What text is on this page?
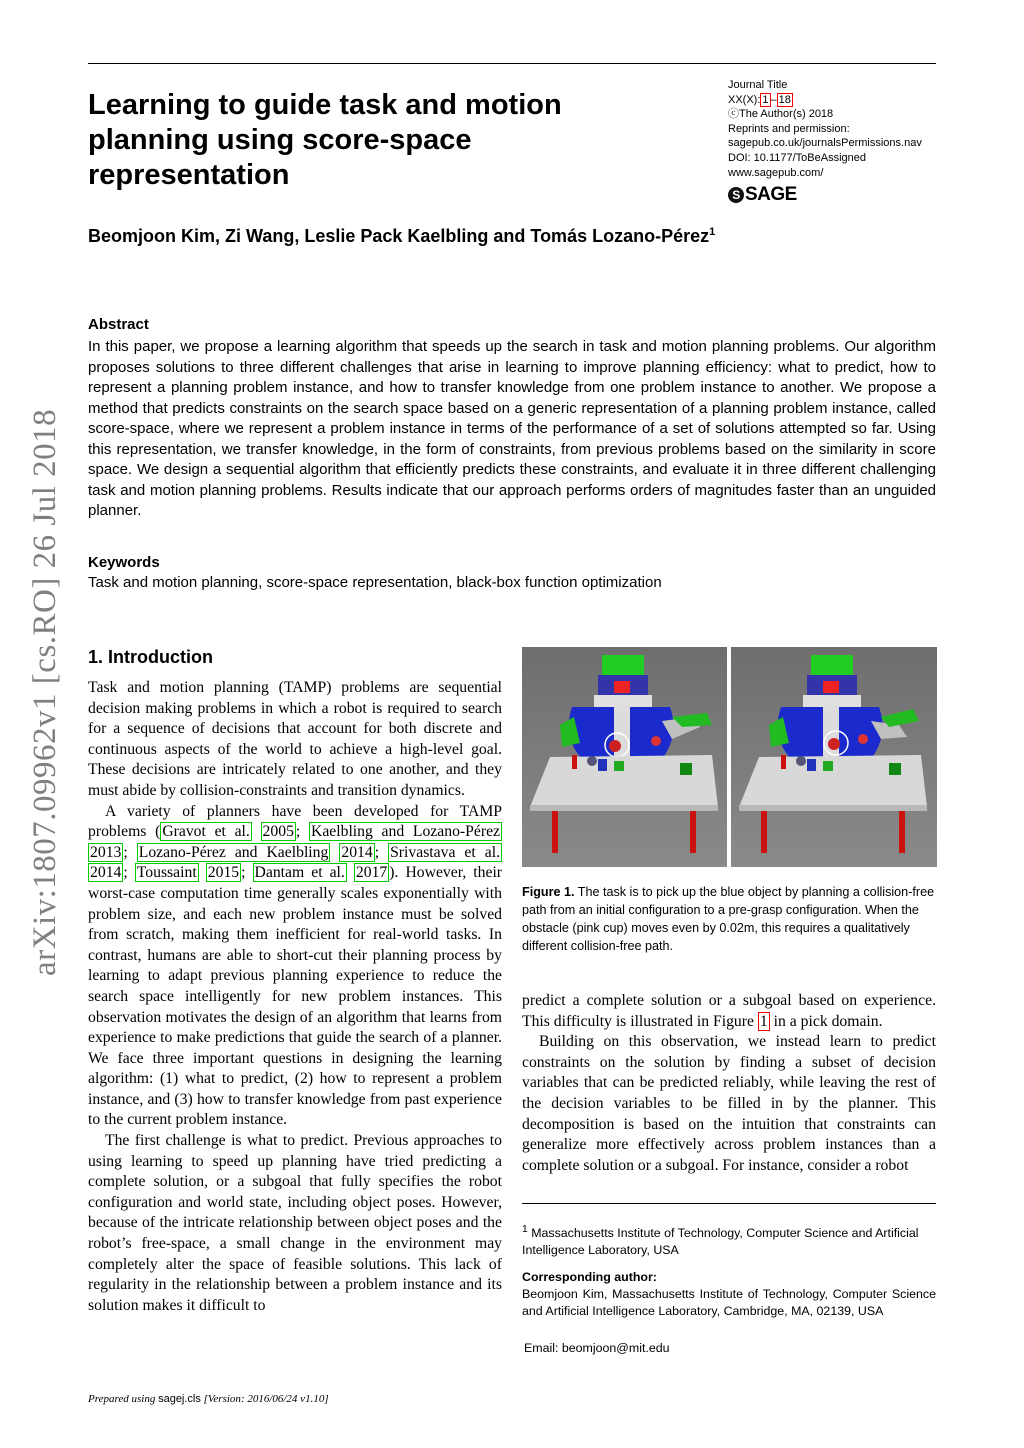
Learning to guide task and motion
planning using score-space
representation
Journal Title
XX(X): 1 – 18
ⓒThe Author(s) 2018
Reprints and permission:
sagepub.co.uk/journalsPermissions.nav
DOI: 10.1177/ToBeAssigned
www.sagepub.com/
S SAGE
Beomjoon Kim, Zi Wang, Leslie Pack Kaelbling and Tomás Lozano-Pérez$^1$
arXiv:1807.09962v1 [cs.RO] 26 Jul 2018
Abstract

In this paper, we propose a learning algorithm that speeds up the search in task and motion planning problems. Our algorithm proposes solutions to three different challenges that arise in learning to improve planning efficiency: what to predict, how to represent a planning problem instance, and how to transfer knowledge from one problem instance to another. We propose a method that predicts constraints on the search space based on a generic representation of a planning problem instance, called score-space, where we represent a problem instance in terms of the performance of a set of solutions attempted so far. Using this representation, we transfer knowledge, in the form of constraints, from previous problems based on the similarity in score space. We design a sequential algorithm that efficiently predicts these constraints, and evaluate it in three different challenging task and motion planning problems. Results indicate that our approach performs orders of magnitudes faster than an unguided planner.

Keywords
Task and motion planning, score-space representation, black-box function optimization
1. Introduction

Task and motion planning (TAMP) problems are sequential decision making problems in which a robot is required to search for a sequence of decisions that account for both discrete and continuous aspects of the world to achieve a high-level goal. These decisions are intricately related to one another, and they must abide by collision-constraints and transition dynamics.

A variety of planners have been developed for TAMP problems ( Gravot et al. 2005 ; Kaelbling and Lozano-Pérez 2013 ; Lozano-Pérez and Kaelbling 2014 ; Srivastava et al. 2014 ; Toussaint 2015 ; Dantam et al. 2017 ). However, their worst-case computation time generally scales exponentially with problem size, and each new problem instance must be solved from scratch, making them inefficient for real-world tasks. In contrast, humans are able to short-cut their planning process by learning to adapt previous planning experience to reduce the search space intelligently for new problem instances. This observation motivates the design of an algorithm that learns from experience to make predictions that guide the search of a planner. We face three important questions in designing the learning algorithm: (1) what to predict, (2) how to represent a problem instance, and (3) how to transfer knowledge from past experience to the current problem instance.

The first challenge is what to predict. Previous approaches to using learning to speed up planning have tried predicting a complete solution, or a subgoal that fully specifies the robot configuration and world state, including object poses. However, because of the intricate relationship between object poses and the robot’s free-space, a small change in the environment may completely alter the space of feasible solutions. This lack of regularity in the relationship between a problem instance and its solution makes it difficult to

Figure 1. The task is to pick up the blue object by planning a collision-free path from an initial configuration to a pre-grasp configuration. When the obstacle (pink cup) moves even by 0.02m, this requires a qualitatively different collision-free path.

predict a complete solution or a subgoal based on experience. This difficulty is illustrated in Figure 1 in a pick domain.

Building on this observation, we instead learn to predict constraints on the solution by finding a subset of decision variables that can be predicted reliably, while leaving the rest of the decision variables to be filled in by the planner. This decomposition is based on the intuition that constraints can generalize more effectively across problem instances than a complete solution or a subgoal. For instance, consider a robot

$^1$ Massachusetts Institute of Technology, Computer Science and Artificial Intelligence Laboratory, USA
Corresponding author:
Beomjoon Kim, Massachusetts Institute of Technology, Computer Science and Artificial Intelligence Laboratory, Cambridge, MA, 02139, USA
Email: beomjoon@mit.edu
Prepared using sagej.cls [Version: 2016/06/24 v1.10]
